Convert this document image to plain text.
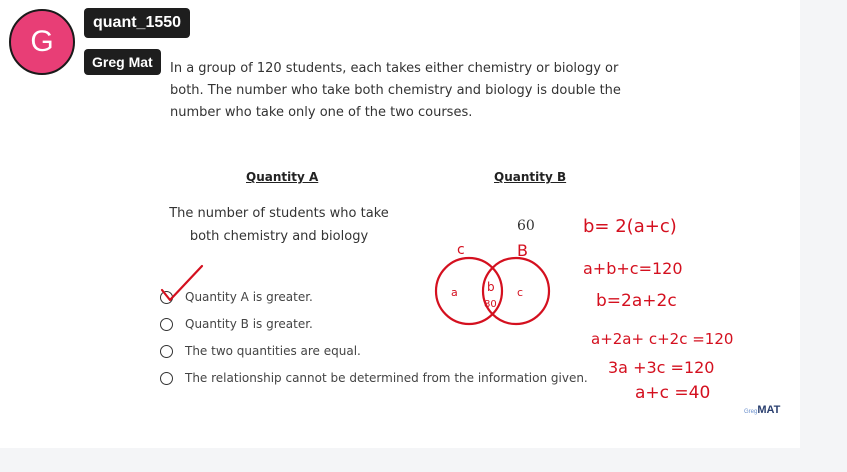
G
quant_1550
Greg Mat	In a group of 120 students, each takes either chemistry or biology or both. The number who take both chemistry and biology is double the number who take only one of the two courses.
Quantity A	Quantity B
The number of students who take both chemistry and biology
60
Quantity A is greater.
Quantity B is greater.
The two quantities are equal.
The relationship cannot be determined from the information given.
c	B
a b
80
c
b= 2(a+c)
a+b+c=120
b=2a+2c
a+2a+ c+2c =120
3a +3c =120
a+c =40
GregMAT
